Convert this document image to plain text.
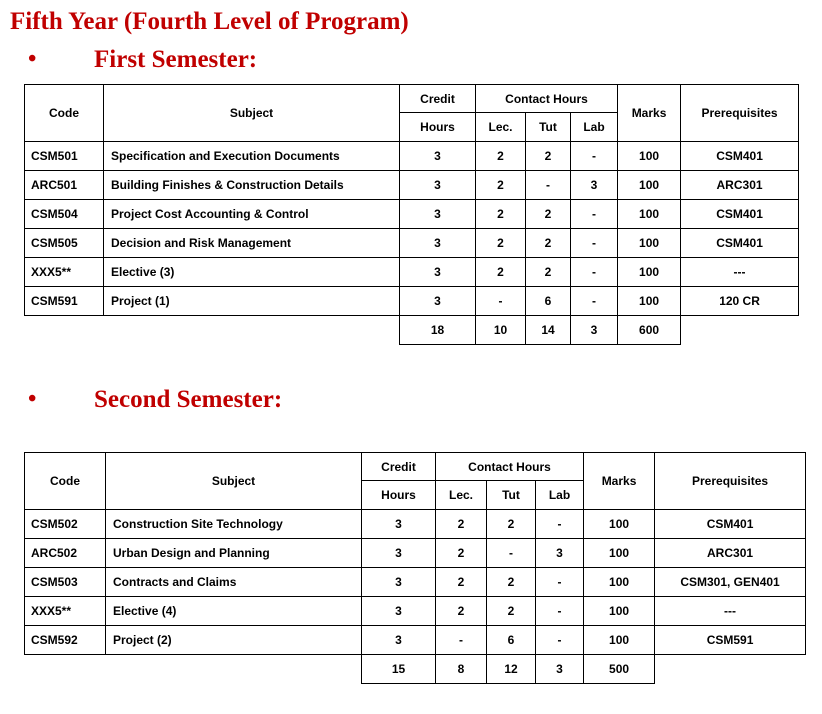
Fifth Year (Fourth Level of Program)
• First Semester:
Code	Subject	Credit	Contact Hours			Marks	Prerequisites
		Hours	Lec.	Tut	Lab		
CSM501	Specification and Execution Documents	3	2	2	-	100	CSM401
ARC501	Building Finishes & Construction Details	3	2	-	3	100	ARC301
CSM504	Project Cost Accounting & Control	3	2	2	-	100	CSM401
CSM505	Decision and Risk Management	3	2	2	-	100	CSM401
XXX5**	Elective (3)	3	2	2	-	100	---
CSM591	Project (1)	3	-	6	-	100	120 CR
		18	10	14	3	600	
• Second Semester:
Code	Subject	Credit	Contact Hours			Marks	Prerequisites
		Hours	Lec.	Tut	Lab		
CSM502	Construction Site Technology	3	2	2	-	100	CSM401
ARC502	Urban Design and Planning	3	2	-	3	100	ARC301
CSM503	Contracts and Claims	3	2	2	-	100	CSM301, GEN401
XXX5**	Elective (4)	3	2	2	-	100	---
CSM592	Project (2)	3	-	6	-	100	CSM591
		15	8	12	3	500	
